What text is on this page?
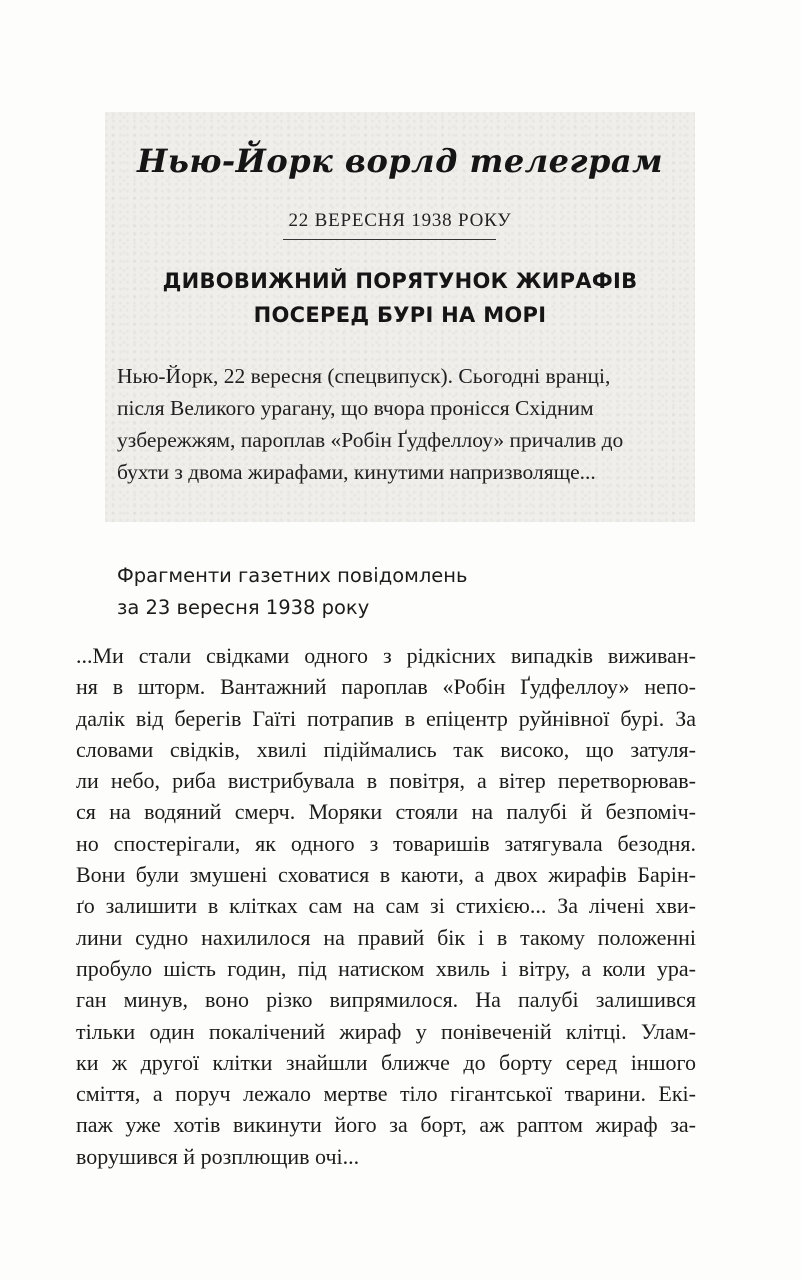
Нью-Йорк ворлд телеграм
22 ВЕРЕСНЯ 1938 РОКУ
ДИВОВИЖНИЙ ПОРЯТУНОК ЖИРАФІВ
ПОСЕРЕД БУРІ НА МОРІ
Нью-Йорк, 22 вересня (спецвипуск). Сьогодні вранці,
після Великого урагану, що вчора пронісся Східним
узбережжям, пароплав «Робін Ґудфеллоу» причалив до
бухти з двома жирафами, кинутими напризволяще...
Фрагменти газетних повідомлень
за 23 вересня 1938 року
...Ми стали свідками одного з рідкісних випадків виживан-
ня в шторм. Вантажний пароплав «Робін Ґудфеллоу» непо-
далік від берегів Гаїті потрапив в епіцентр руйнівної бурі. За
словами свідків, хвилі підіймались так високо, що затуля-
ли небо, риба вистрибувала в повітря, а вітер перетворював-
ся на водяний смерч. Моряки стояли на палубі й безпоміч-
но спостерігали, як одного з товаришів затягувала безодня.
Вони були змушені сховатися в каюти, а двох жирафів Барін-
ґо залишити в клітках сам на сам зі стихією... За лічені хви-
лини судно нахилилося на правий бік і в такому положенні
пробуло шість годин, під натиском хвиль і вітру, а коли ура-
ган минув, воно різко випрямилося. На палубі залишився
тільки один покалічений жираф у понівеченій клітці. Улам-
ки ж другої клітки знайшли ближче до борту серед іншого
сміття, а поруч лежало мертве тіло гігантської тварини. Екі-
паж уже хотів викинути його за борт, аж раптом жираф за-
ворушився й розплющив очі...
